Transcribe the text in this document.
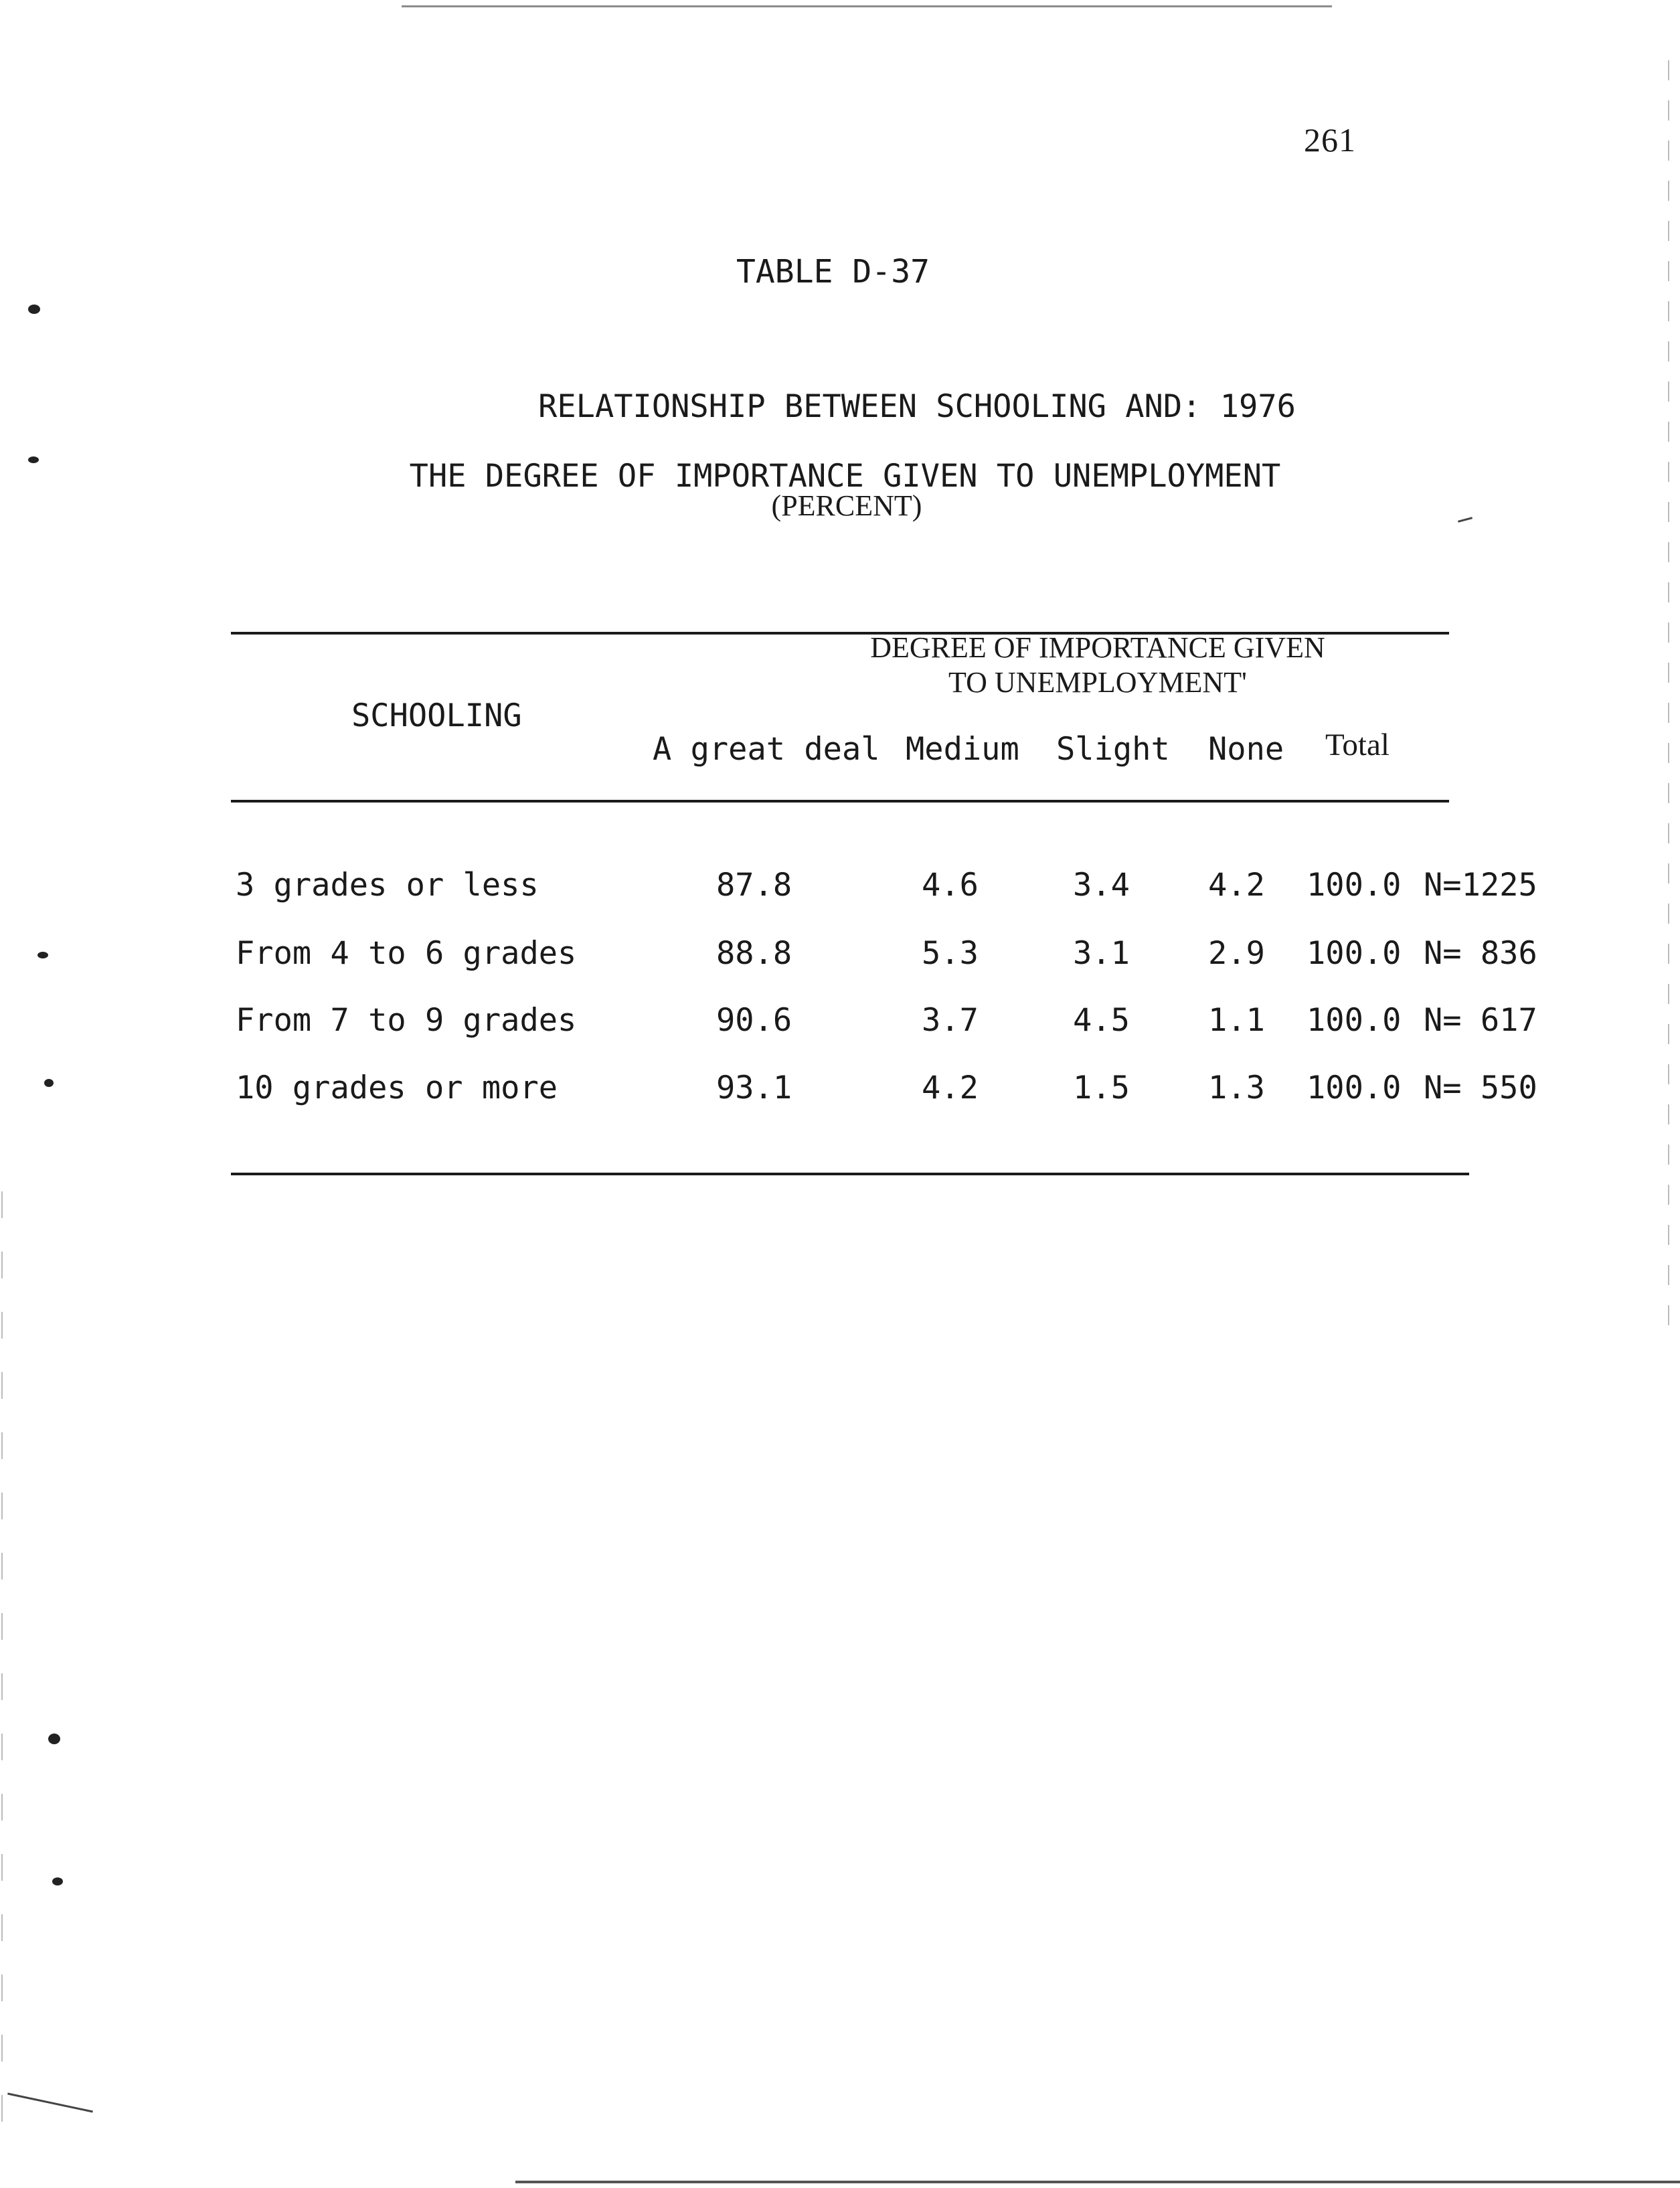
261
TABLE D-37
RELATIONSHIP BETWEEN SCHOOLING AND: 1976
THE DEGREE OF IMPORTANCE GIVEN TO UNEMPLOYMENT
(PERCENT)
DEGREE OF IMPORTANCE GIVEN
TO UNEMPLOYMENT'
SCHOOLING
A great deal Medium Slight None Total
3 grades or less	87.8	4.6	3.4 4.2 100.0 N=1225
From 4 to 6 grades	88.8	5.3	3.1 2.9 100.0 N= 836
From 7 to 9 grades	90.6	3.7	4.5 1.1 100.0 N= 617
10 grades or more	93.1	4.2	1.5 1.3 100.0 N= 550
